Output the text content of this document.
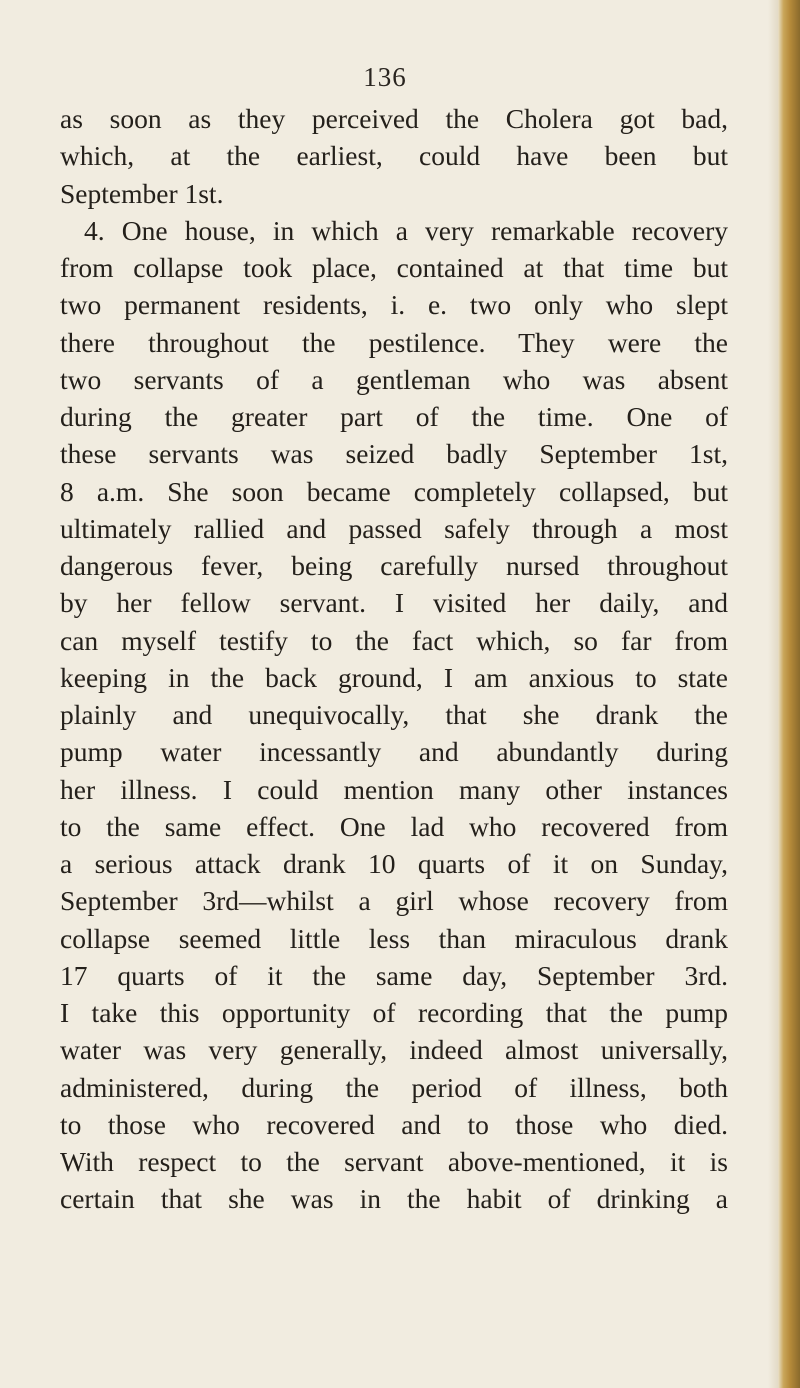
136
as soon as they perceived the Cholera got bad,
which, at the earliest, could have been but
September 1st.
4. One house, in which a very remarkable recovery
from collapse took place, contained at that time but
two permanent residents, i. e. two only who slept
there throughout the pestilence. They were the
two servants of a gentleman who was absent
during the greater part of the time. One of
these servants was seized badly September 1st,
8 a.m. She soon became completely collapsed, but
ultimately rallied and passed safely through a most
dangerous fever, being carefully nursed throughout
by her fellow servant. I visited her daily, and
can myself testify to the fact which, so far from
keeping in the back ground, I am anxious to state
plainly and unequivocally, that she drank the
pump water incessantly and abundantly during
her illness. I could mention many other instances
to the same effect. One lad who recovered from
a serious attack drank 10 quarts of it on Sunday,
September 3rd—whilst a girl whose recovery from
collapse seemed little less than miraculous drank
17 quarts of it the same day, September 3rd.
I take this opportunity of recording that the pump
water was very generally, indeed almost universally,
administered, during the period of illness, both
to those who recovered and to those who died.
With respect to the servant above-mentioned, it is
certain that she was in the habit of drinking a
